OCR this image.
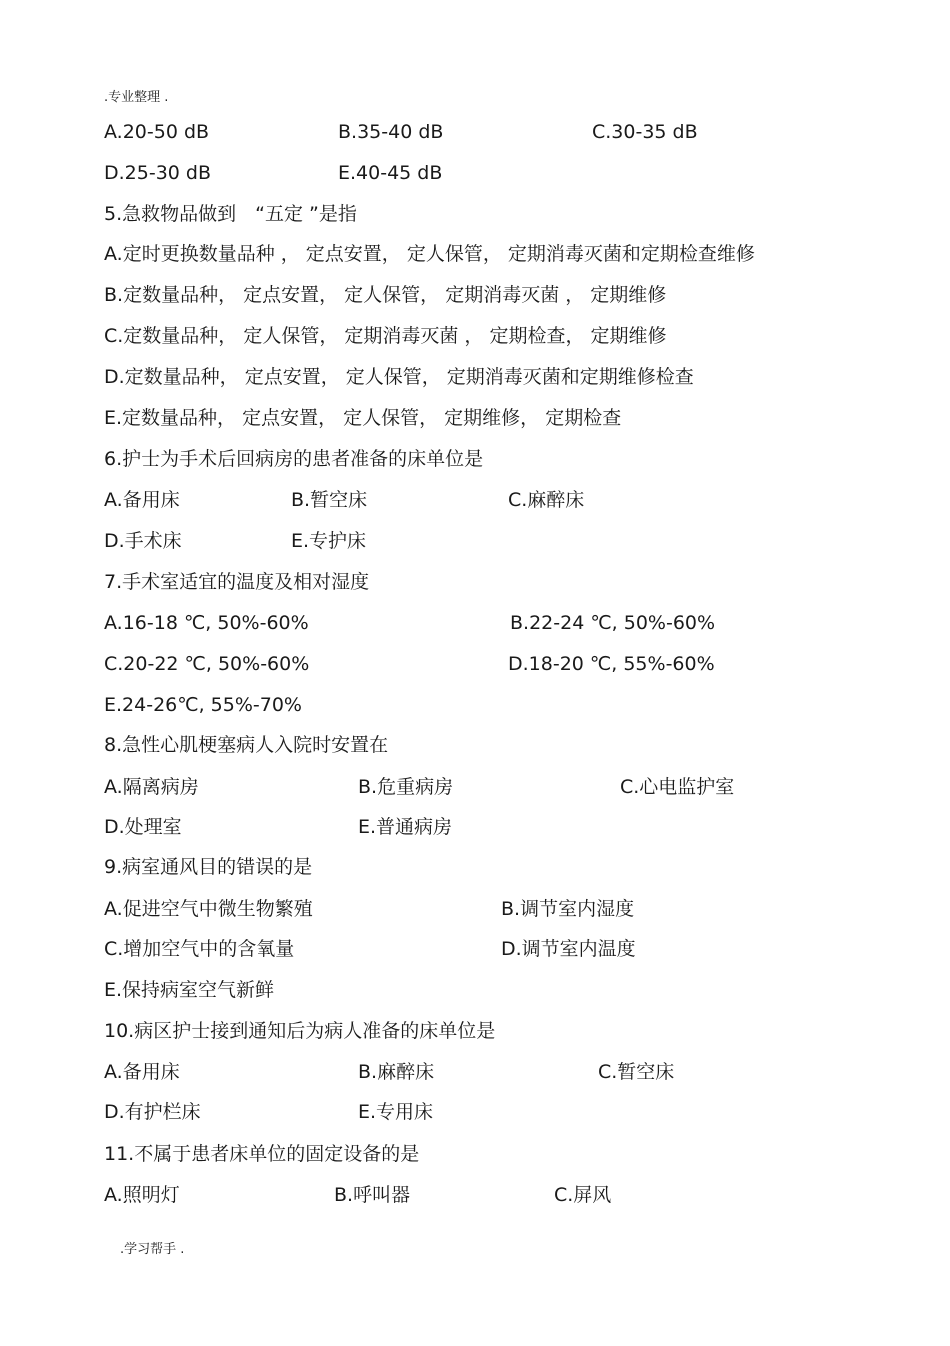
.专业整理 .
A.20-50 dB	B.35-40 dB	C.30-35 dB
D.25-30 dB	E.40-45 dB
5.急救物品做到　“五定 ”是指
A.定时更换数量品种 ， 定点安置， 定人保管， 定期消毒灭菌和定期检查维修
B.定数量品种， 定点安置， 定人保管， 定期消毒灭菌 ， 定期维修
C.定数量品种， 定人保管， 定期消毒灭菌 ， 定期检查， 定期维修
D.定数量品种， 定点安置， 定人保管， 定期消毒灭菌和定期维修检查
E.定数量品种， 定点安置， 定人保管， 定期维修， 定期检查
6.护士为手术后回病房的患者准备的床单位是
A.备用床	B.暂空床	C.麻醉床
D.手术床	E.专护床
7.手术室适宜的温度及相对湿度
A.16-18 ℃, 50%-60%	B.22-24 ℃, 50%-60%
C.20-22 ℃, 50%-60%	D.18-20 ℃, 55%-60%
E.24-26℃, 55%-70%
8.急性心肌梗塞病人入院时安置在
A.隔离病房	B.危重病房	C.心电监护室
D.处理室	E.普通病房
9.病室通风目的错误的是
A.促进空气中微生物繁殖	B.调节室内湿度
C.增加空气中的含氧量	D.调节室内温度
E.保持病室空气新鲜
10.病区护士接到通知后为病人准备的床单位是
A.备用床	B.麻醉床	C.暂空床
D.有护栏床	E.专用床
11.不属于患者床单位的固定设备的是
A.照明灯	B.呼叫器	C.屏风
.学习帮手 .
